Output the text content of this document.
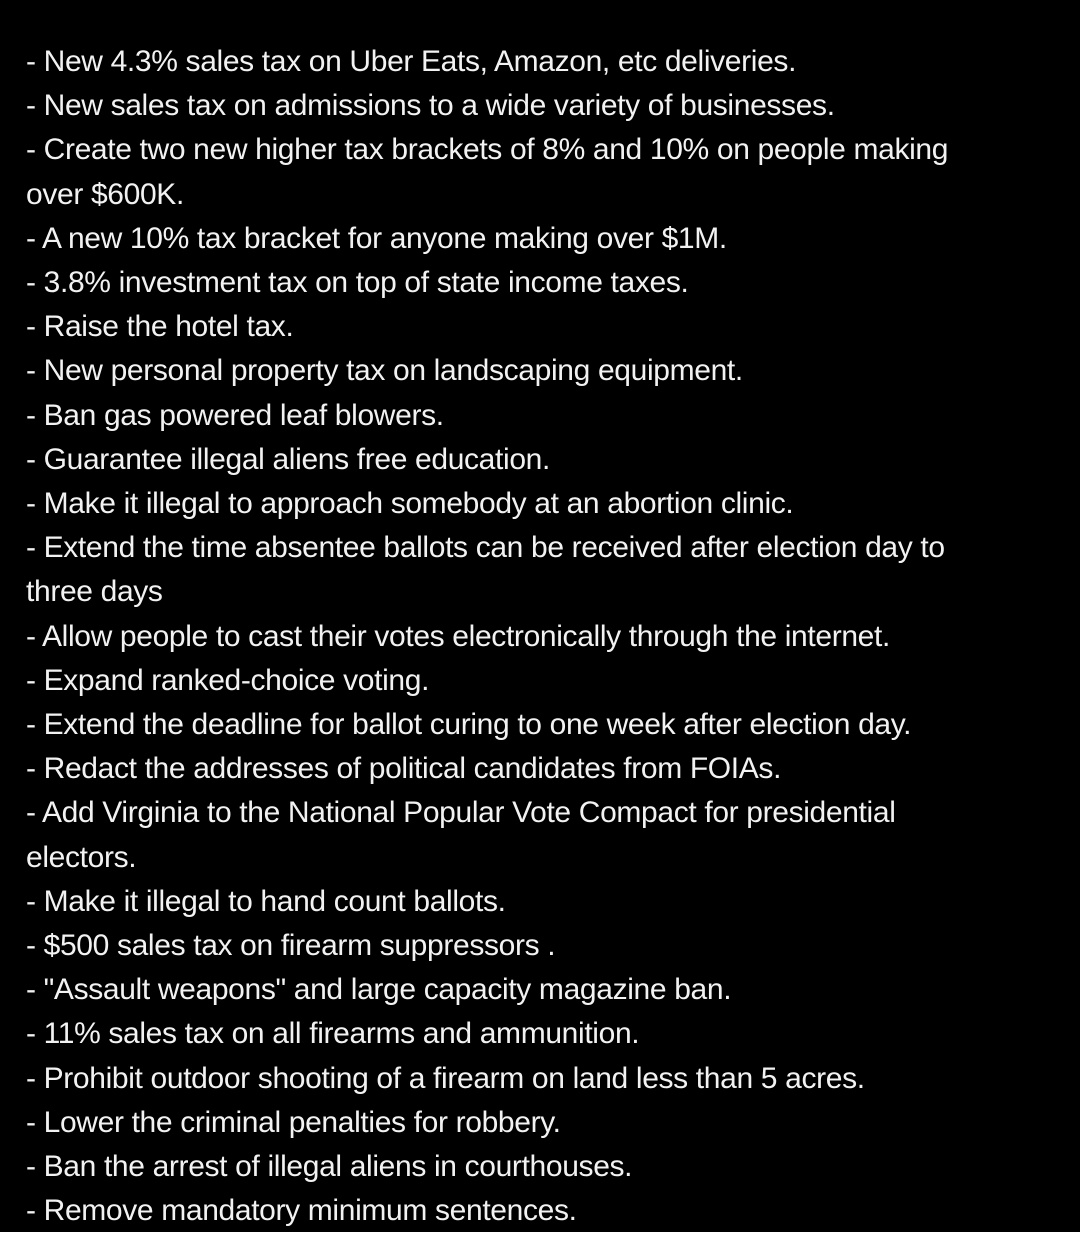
- New 4.3% sales tax on Uber Eats, Amazon, etc deliveries.
- New sales tax on admissions to a wide variety of businesses.
- Create two new higher tax brackets of 8% and 10% on people making
over $600K.
- A new 10% tax bracket for anyone making over $1M.
- 3.8% investment tax on top of state income taxes.
- Raise the hotel tax.
- New personal property tax on landscaping equipment.
- Ban gas powered leaf blowers.
- Guarantee illegal aliens free education.
- Make it illegal to approach somebody at an abortion clinic.
- Extend the time absentee ballots can be received after election day to
three days
- Allow people to cast their votes electronically through the internet.
- Expand ranked-choice voting.
- Extend the deadline for ballot curing to one week after election day.
- Redact the addresses of political candidates from FOIAs.
- Add Virginia to the National Popular Vote Compact for presidential
electors.
- Make it illegal to hand count ballots.
- $500 sales tax on firearm suppressors .
- "Assault weapons" and large capacity magazine ban.
- 11% sales tax on all firearms and ammunition.
- Prohibit outdoor shooting of a firearm on land less than 5 acres.
- Lower the criminal penalties for robbery.
- Ban the arrest of illegal aliens in courthouses.
- Remove mandatory minimum sentences.
